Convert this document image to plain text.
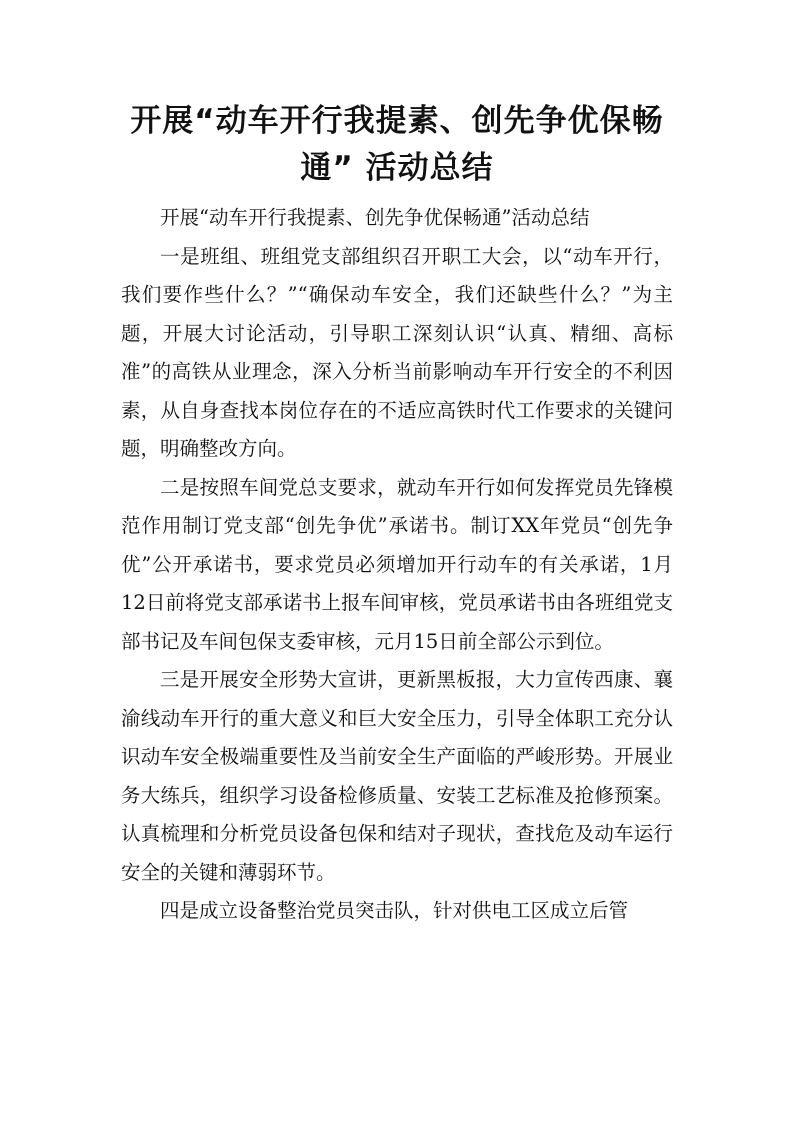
开展“动车开行我提素、创先争优保畅
通” 活动总结

开展“动车开行我提素、创先争优保畅通”活动总结

一是班组、班组党支部组织召开职工大会，以“动车开行，我们要作些什么？”“确保动车安全，我们还缺些什么？”为主题，开展大讨论活动，引导职工深刻认识“认真、精细、高标准”的高铁从业理念，深入分析当前影响动车开行安全的不利因素，从自身查找本岗位存在的不适应高铁时代工作要求的关键问题，明确整改方向。

二是按照车间党总支要求，就动车开行如何发挥党员先锋模范作用制订党支部“创先争优”承诺书。制订XX年党员“创先争优”公开承诺书，要求党员必须增加开行动车的有关承诺，1月12日前将党支部承诺书上报车间审核，党员承诺书由各班组党支部书记及车间包保支委审核，元月15日前全部公示到位。

三是开展安全形势大宣讲，更新黑板报，大力宣传西康、襄渝线动车开行的重大意义和巨大安全压力，引导全体职工充分认识动车安全极端重要性及当前安全生产面临的严峻形势。开展业务大练兵，组织学习设备检修质量、安装工艺标准及抢修预案。认真梳理和分析党员设备包保和结对子现状，查找危及动车运行安全的关键和薄弱环节。

四是成立设备整治党员突击队，针对供电工区成立后管
